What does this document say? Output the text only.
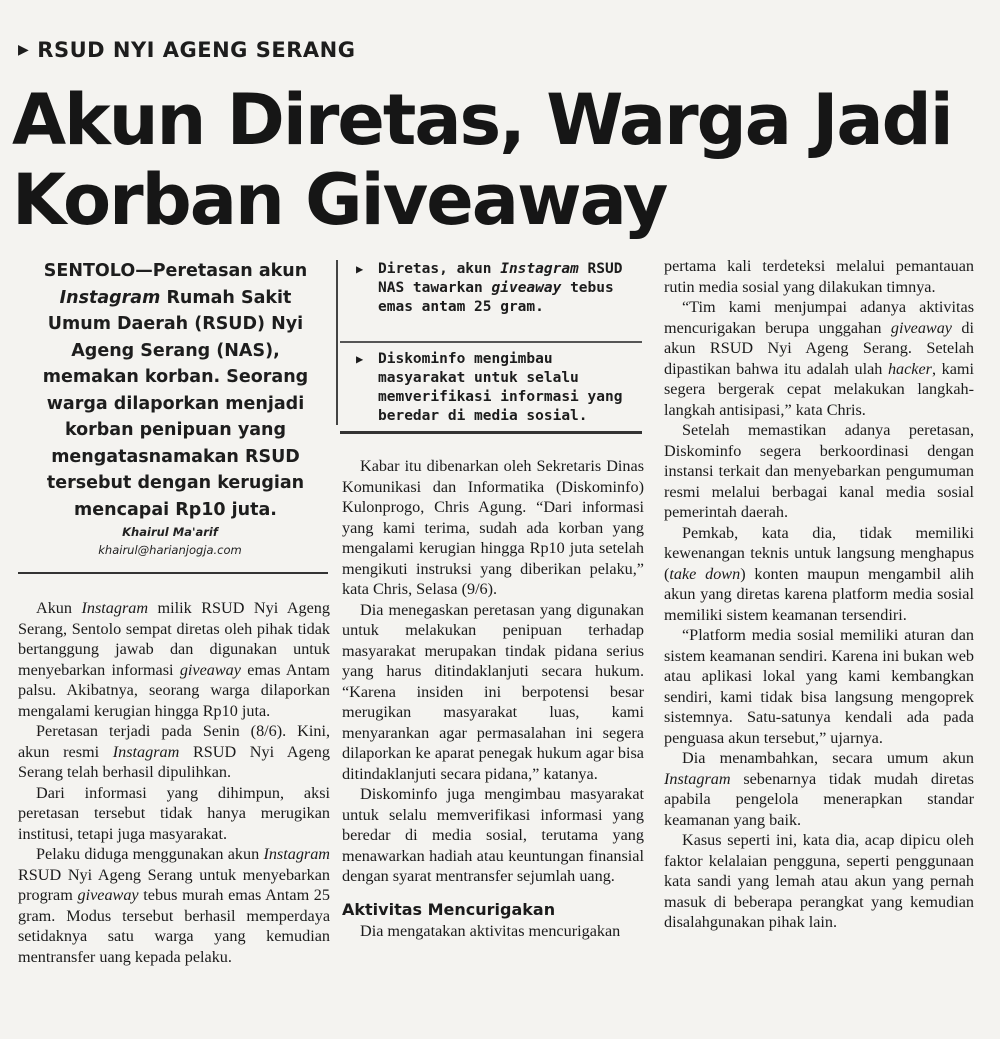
▶ RSUD NYI AGENG SERANG
Akun Diretas, Warga Jadi Korban Giveaway
SENTOLO—Peretasan akun Instagram Rumah Sakit Umum Daerah (RSUD) Nyi Ageng Serang (NAS), memakan korban. Seorang warga dilaporkan menjadi korban penipuan yang mengatasnamakan RSUD tersebut dengan kerugian mencapai Rp10 juta.
Khairul Ma'arif
khairul@harianjogja.com
▶ Diretas, akun Instagram RSUD NAS tawarkan giveaway tebus emas antam 25 gram.
▶ Diskominfo mengimbau masyarakat untuk selalu memverifikasi informasi yang beredar di media sosial.

Akun Instagram milik RSUD Nyi Ageng Serang, Sentolo sempat diretas oleh pihak tidak bertanggung jawab dan digunakan untuk menyebarkan informasi giveaway emas Antam palsu. Akibatnya, seorang warga dilaporkan mengalami kerugian hingga Rp10 juta.

Peretasan terjadi pada Senin (8/6). Kini, akun resmi Instagram RSUD Nyi Ageng Serang telah berhasil dipulihkan.

Dari informasi yang dihimpun, aksi peretasan tersebut tidak hanya merugikan institusi, tetapi juga masyarakat.

Pelaku diduga menggunakan akun Instagram RSUD Nyi Ageng Serang untuk menyebarkan program giveaway tebus murah emas Antam 25 gram. Modus tersebut berhasil memperdaya setidaknya satu warga yang kemudian mentransfer uang kepada pelaku.

Kabar itu dibenarkan oleh Sekretaris Dinas Komunikasi dan Informatika (Diskominfo) Kulonprogo, Chris Agung. “Dari informasi yang kami terima, sudah ada korban yang mengalami kerugian hingga Rp10 juta setelah mengikuti instruksi yang diberikan pelaku,” kata Chris, Selasa (9/6).

Dia menegaskan peretasan yang digunakan untuk melakukan penipuan terhadap masyarakat merupakan tindak pidana serius yang harus ditindaklanjuti secara hukum. “Karena insiden ini berpotensi besar merugikan masyarakat luas, kami menyarankan agar permasalahan ini segera dilaporkan ke aparat penegak hukum agar bisa ditindaklanjuti secara pidana,” katanya.

Diskominfo juga mengimbau masyarakat untuk selalu memverifikasi informasi yang beredar di media sosial, terutama yang menawarkan hadiah atau keuntungan finansial dengan syarat mentransfer sejumlah uang.

Aktivitas Mencurigakan

Dia mengatakan aktivitas mencurigakan

pertama kali terdeteksi melalui pemantauan rutin media sosial yang dilakukan timnya.

“Tim kami menjumpai adanya aktivitas mencurigakan berupa unggahan giveaway di akun RSUD Nyi Ageng Serang. Setelah dipastikan bahwa itu adalah ulah hacker, kami segera bergerak cepat melakukan langkah-langkah antisipasi,” kata Chris.

Setelah memastikan adanya peretasan, Diskominfo segera berkoordinasi dengan instansi terkait dan menyebarkan pengumuman resmi melalui berbagai kanal media sosial pemerintah daerah.

Pemkab, kata dia, tidak memiliki kewenangan teknis untuk langsung menghapus (take down) konten maupun mengambil alih akun yang diretas karena platform media sosial memiliki sistem keamanan tersendiri.

“Platform media sosial memiliki aturan dan sistem keamanan sendiri. Karena ini bukan web atau aplikasi lokal yang kami kembangkan sendiri, kami tidak bisa langsung mengoprek sistemnya. Satu-satunya kendali ada pada penguasa akun tersebut,” ujarnya.

Dia menambahkan, secara umum akun Instagram sebenarnya tidak mudah diretas apabila pengelola menerapkan standar keamanan yang baik.

Kasus seperti ini, kata dia, acap dipicu oleh faktor kelalaian pengguna, seperti penggunaan kata sandi yang lemah atau akun yang pernah masuk di beberapa perangkat yang kemudian disalahgunakan pihak lain.
